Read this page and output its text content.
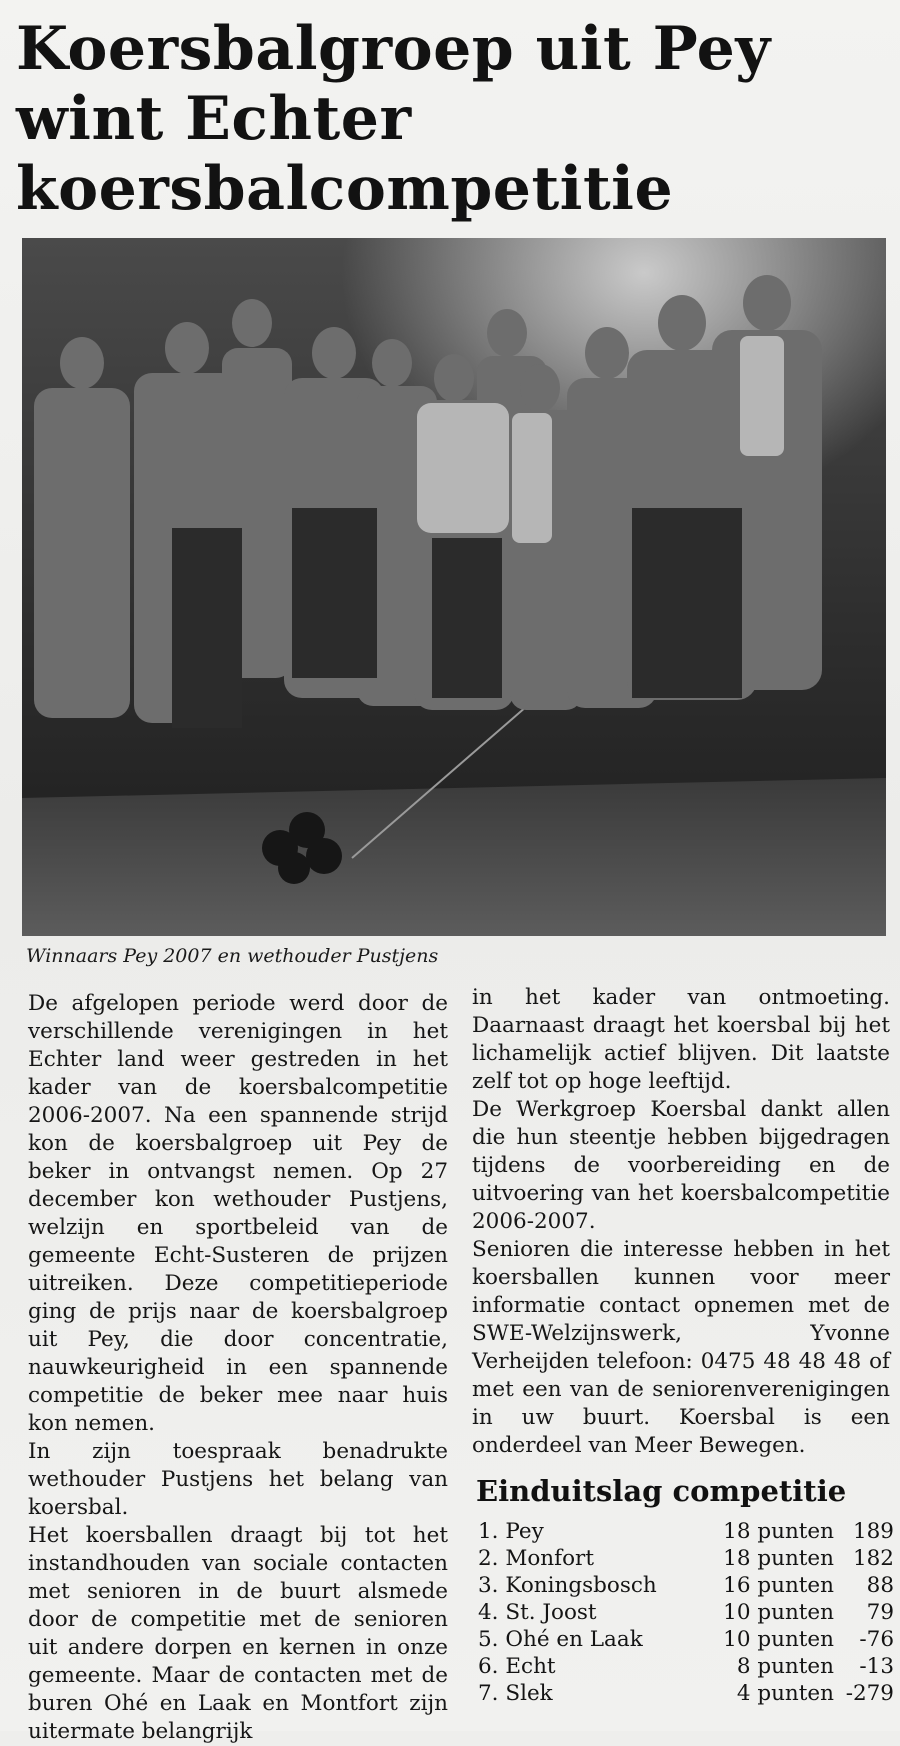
Koersbalgroep uit Pey
wint Echter
koersbalcompetitie
Winnaars Pey 2007 en wethouder Pustjens

De afgelopen periode werd door de verschillende verenigingen in het Echter land weer gestreden in het kader van de koersbalcompetitie 2006-2007. Na een spannende strijd kon de koersbalgroep uit Pey de beker in ontvangst nemen. Op 27 december kon wethouder Pustjens, welzijn en sportbeleid van de gemeente Echt-Susteren de prijzen uitreiken. Deze competitieperiode ging de prijs naar de koersbalgroep uit Pey, die door concentratie, nauwkeurigheid in een spannende competitie de beker mee naar huis kon nemen.

In zijn toespraak benadrukte wethouder Pustjens het belang van koersbal.

Het koersballen draagt bij tot het instandhouden van sociale contacten met senioren in de buurt alsmede door de competitie met de senioren uit andere dorpen en kernen in onze gemeente. Maar de contacten met de buren Ohé en Laak en Montfort zijn uitermate belangrijk

in het kader van ontmoeting. Daarnaast draagt het koersbal bij het lichamelijk actief blijven. Dit laatste zelf tot op hoge leeftijd.

De Werkgroep Koersbal dankt allen die hun steentje hebben bijgedragen tijdens de voorbereiding en de uitvoering van het koersbalcompetitie 2006-2007.

Senioren die interesse hebben in het koersballen kunnen voor meer informatie contact opnemen met de SWE-Welzijnswerk, Yvonne Verheijden telefoon: 0475 48 48 48 of met een van de seniorenverenigingen in uw buurt. Koersbal is een onderdeel van Meer Bewegen.

Einduitslag competitie
1. Pey	18 punten 189
2. Monfort	18 punten 182
3. Koningsbosch	16 punten	88
4. St. Joost	10 punten	79
5. Ohé en Laak	10 punten	-76
6. Echt	8 punten	-13
7. Slek	4 punten -279
